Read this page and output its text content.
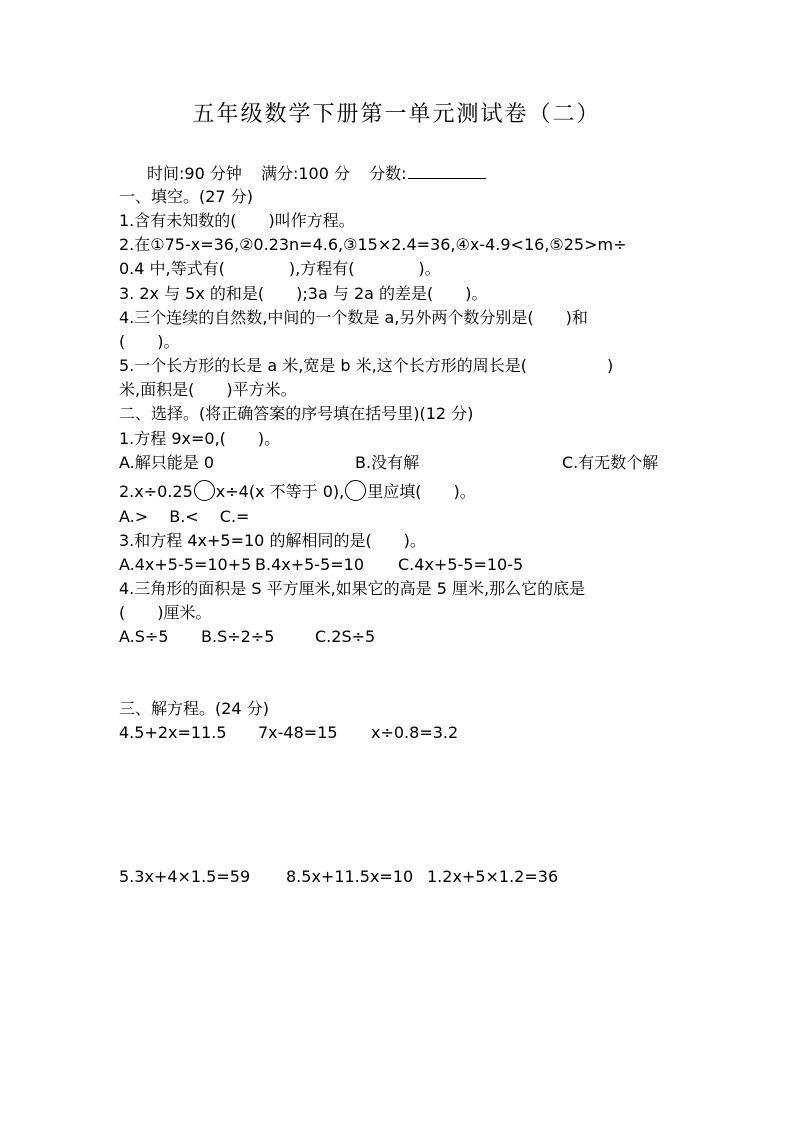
五年级数学下册第一单元测试卷（二）
时间:90 分钟 满分:100 分 分数:
一、填空。(27 分)
1.含有未知数的(　　)叫作方程。
2.在①75-x=36,②0.23n=4.6,③15×2.4=36,④x-4.9<16,⑤25>m÷
0.4 中,等式有(　　　　),方程有(　　　　)。
3. 2x 与 5x 的和是(　　);3a 与 2a 的差是(　　)。
4.三个连续的自然数,中间的一个数是 a,另外两个数分别是(　　)和
(　　)。
5.一个长方形的长是 a 米,宽是 b 米,这个长方形的周长是(　　　　　)
米,面积是(　　)平方米。
二、选择。(将正确答案的序号填在括号里)(12 分)
1.方程 9x=0,(　　)。
A.解只能是 0	B.没有解	C.有无数个解
2.x÷0.25 x÷4(x 不等于 0), 里应填(　　)。
A.>　 B.<　 C.=
3.和方程 4x+5=10 的解相同的是(　　)。
A.4x+5-5=10+5 B.4x+5-5=10 C.4x+5-5=10-5
4.三角形的面积是 S 平方厘米,如果它的高是 5 厘米,那么它的底是
(　　)厘米。
A.S÷5 B.S÷2÷5	C.2S÷5
三、解方程。(24 分)
4.5+2x=11.5 7x-48=15 x÷0.8=3.2
5.3x+4×1.5=59 8.5x+11.5x=10 1.2x+5×1.2=36
